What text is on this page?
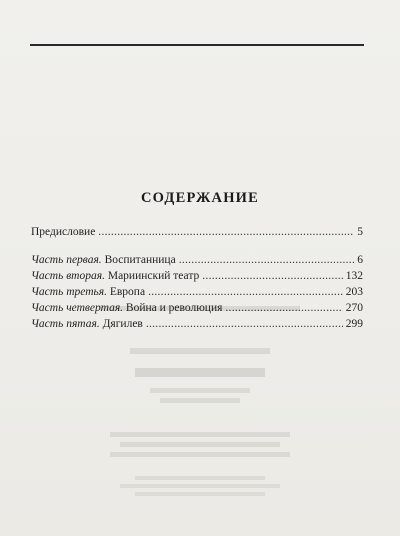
СОДЕРЖАНИЕ
Предисловие . . .	5
Часть первая.
Воспитанница . . .	6
Часть вторая.
Мариинский театр . . .	132
Часть третья.
Европа . . .	203
Часть четвертая.
Война и революция . . .	270
Часть пятая.
Дягилев . . .	299
